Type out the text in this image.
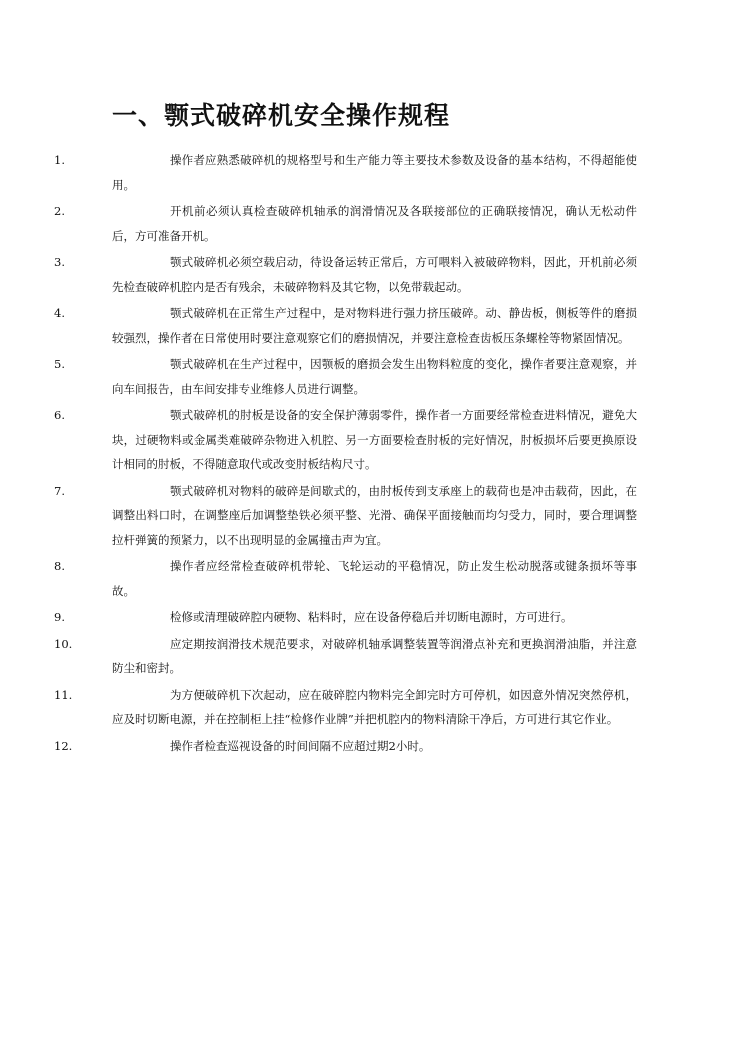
一、颚式破碎机安全操作规程

1.	操作者应熟悉破碎机的规格型号和生产能力等主要技术参数及设备的基本结构，不得超能使用。

2.	开机前必须认真检查破碎机轴承的润滑情况及各联接部位的正确联接情况，确认无松动件后，方可准备开机。

3.	颚式破碎机必须空载启动，待设备运转正常后，方可喂料入被破碎物料，因此，开机前必须先检查破碎机腔内是否有残余，未破碎物料及其它物，以免带载起动。

4.	颚式破碎机在正常生产过程中，是对物料进行强力挤压破碎。动、静齿板，侧板等件的磨损较强烈，操作者在日常使用时要注意观察它们的磨损情况，并要注意检查齿板压条螺栓等物紧固情况。

5.	颚式破碎机在生产过程中，因颚板的磨损会发生出物料粒度的变化，操作者要注意观察，并向车间报告，由车间安排专业维修人员进行调整。

6.	颚式破碎机的肘板是设备的安全保护薄弱零件，操作者一方面要经常检查进料情况，避免大块，过硬物料或金属类难破碎杂物进入机腔、另一方面要检查肘板的完好情况，肘板损坏后要更换原设计相同的肘板，不得随意取代或改变肘板结构尺寸。

7.	颚式破碎机对物料的破碎是间歇式的，由肘板传到支承座上的载荷也是冲击载荷，因此，在调整出料口时，在调整座后加调整垫铁必须平整、光滑、确保平面接触而均匀受力，同时，要合理调整拉杆弹簧的预紧力，以不出现明显的金属撞击声为宜。

8.	操作者应经常检查破碎机带轮、飞轮运动的平稳情况，防止发生松动脱落或键条损坏等事故。

9.	检修或清理破碎腔内硬物、粘料时，应在设备停稳后并切断电源时，方可进行。

10.	应定期按润滑技术规范要求，对破碎机轴承调整装置等润滑点补充和更换润滑油脂，并注意防尘和密封。

11.	为方便破碎机下次起动，应在破碎腔内物料完全卸完时方可停机，如因意外情况突然停机，应及时切断电源，并在控制柜上挂“检修作业牌”并把机腔内的物料清除干净后，方可进行其它作业。

12.	操作者检查巡视设备的时间间隔不应超过期2小时。
